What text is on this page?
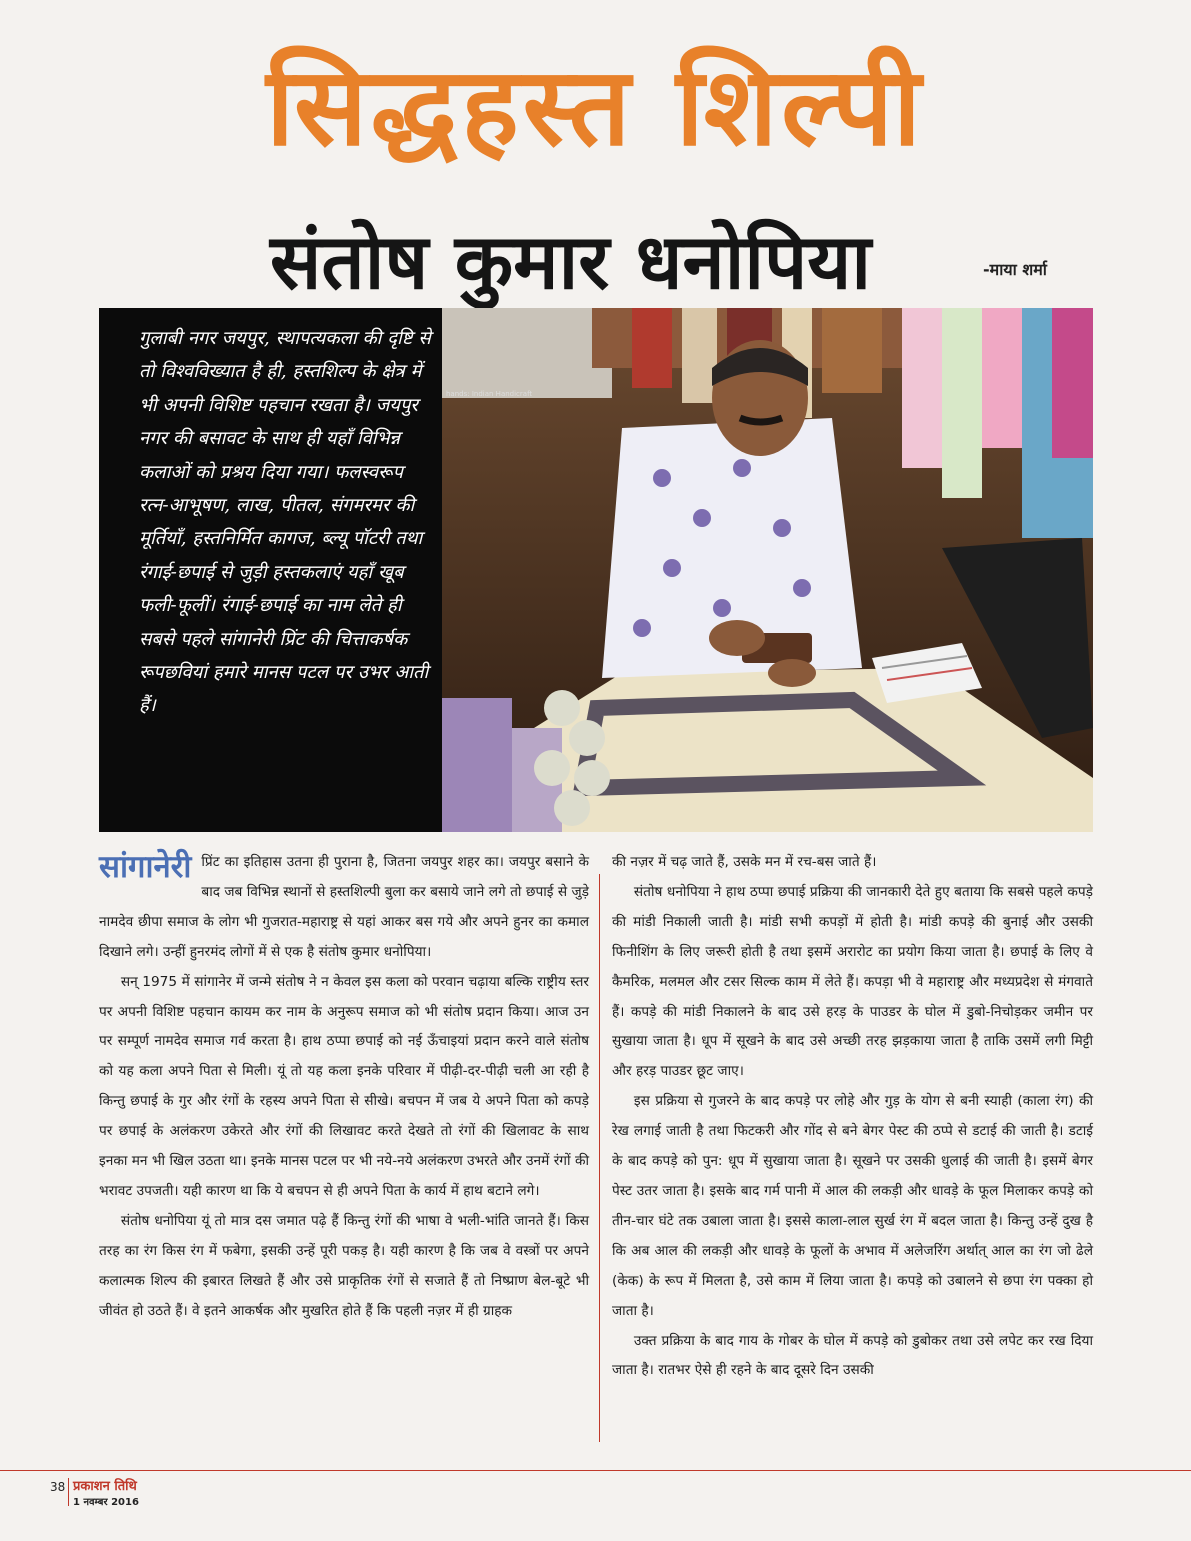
सिद्धहस्त शिल्पी
संतोष कुमार धनोपिया	-माया शर्मा
गुलाबी नगर जयपुर, स्थापत्यकला की दृष्टि से तो विश्वविख्यात है ही, हस्तशिल्प के क्षेत्र में भी अपनी विशिष्ट पहचान रखता है। जयपुर नगर की बसावट के साथ ही यहाँ विभिन्न कलाओं को प्रश्रय दिया गया। फलस्वरूप रत्न-आभूषण, लाख, पीतल, संगमरमर की मूर्तियाँ, हस्तनिर्मित कागज, ब्ल्यू पॉटरी तथा रंगाई-छपाई से जुड़ी हस्तकलाएं यहाँ खूब फली-फूलीं। रंगाई-छपाई का नाम लेते ही सबसे पहले सांगानेरी प्रिंट की चित्ताकर्षक रूपछवियां हमारे मानस पटल पर उभर आती हैं।
hands: Indian Handicraft

सांगानेरी प्रिंट का इतिहास उतना ही पुराना है, जितना जयपुर शहर का। जयपुर बसाने के बाद जब विभिन्न स्थानों से हस्तशिल्पी बुला कर बसाये जाने लगे तो छपाई से जुड़े नामदेव छीपा समाज के लोग भी गुजरात-महाराष्ट्र से यहां आकर बस गये और अपने हुनर का कमाल दिखाने लगे। उन्हीं हुनरमंद लोगों में से एक है संतोष कुमार धनोपिया।

सन् 1975 में सांगानेर में जन्मे संतोष ने न केवल इस कला को परवान चढ़ाया बल्कि राष्ट्रीय स्तर पर अपनी विशिष्ट पहचान कायम कर नाम के अनुरूप समाज को भी संतोष प्रदान किया। आज उन पर सम्पूर्ण नामदेव समाज गर्व करता है। हाथ ठप्पा छपाई को नई ऊँचाइयां प्रदान करने वाले संतोष को यह कला अपने पिता से मिली। यूं तो यह कला इनके परिवार में पीढ़ी-दर-पीढ़ी चली आ रही है किन्तु छपाई के गुर और रंगों के रहस्य अपने पिता से सीखे। बचपन में जब ये अपने पिता को कपड़े पर छपाई के अलंकरण उकेरते और रंगों की लिखावट करते देखते तो रंगों की खिलावट के साथ इनका मन भी खिल उठता था। इनके मानस पटल पर भी नये-नये अलंकरण उभरते और उनमें रंगों की भरावट उपजती। यही कारण था कि ये बचपन से ही अपने पिता के कार्य में हाथ बटाने लगे।

संतोष धनोपिया यूं तो मात्र दस जमात पढ़े हैं किन्तु रंगों की भाषा वे भली-भांति जानते हैं। किस तरह का रंग किस रंग में फबेगा, इसकी उन्हें पूरी पकड़ है। यही कारण है कि जब वे वस्त्रों पर अपने कलात्मक शिल्प की इबारत लिखते हैं और उसे प्राकृतिक रंगों से सजाते हैं तो निष्प्राण बेल-बूटे भी जीवंत हो उठते हैं। वे इतने आकर्षक और मुखरित होते हैं कि पहली नज़र में ही ग्राहक

की नज़र में चढ़ जाते हैं, उसके मन में रच-बस जाते हैं।

संतोष धनोपिया ने हाथ ठप्पा छपाई प्रक्रिया की जानकारी देते हुए बताया कि सबसे पहले कपड़े की मांडी निकाली जाती है। मांडी सभी कपड़ों में होती है। मांडी कपड़े की बुनाई और उसकी फिनीशिंग के लिए जरूरी होती है तथा इसमें अरारोट का प्रयोग किया जाता है। छपाई के लिए वे कैमरिक, मलमल और टसर सिल्क काम में लेते हैं। कपड़ा भी वे महाराष्ट्र और मध्यप्रदेश से मंगवाते हैं। कपड़े की मांडी निकालने के बाद उसे हरड़ के पाउडर के घोल में डुबो-निचोड़कर जमीन पर सुखाया जाता है। धूप में सूखने के बाद उसे अच्छी तरह झड़काया जाता है ताकि उसमें लगी मिट्टी और हरड़ पाउडर छूट जाए।

इस प्रक्रिया से गुजरने के बाद कपड़े पर लोहे और गुड़ के योग से बनी स्याही (काला रंग) की रेख लगाई जाती है तथा फिटकरी और गोंद से बने बेगर पेस्ट की ठप्पे से डटाई की जाती है। डटाई के बाद कपड़े को पुन: धूप में सुखाया जाता है। सूखने पर उसकी धुलाई की जाती है। इसमें बेगर पेस्ट उतर जाता है। इसके बाद गर्म पानी में आल की लकड़ी और धावड़े के फूल मिलाकर कपड़े को तीन-चार घंटे तक उबाला जाता है। इससे काला-लाल सुर्ख रंग में बदल जाता है। किन्तु उन्हें दुख है कि अब आल की लकड़ी और धावड़े के फूलों के अभाव में अलेजरिंग अर्थात् आल का रंग जो ढेले (केक) के रूप में मिलता है, उसे काम में लिया जाता है। कपड़े को उबालने से छपा रंग पक्का हो जाता है।

उक्त प्रक्रिया के बाद गाय के गोबर के घोल में कपड़े को डुबोकर तथा उसे लपेट कर रख दिया जाता है। रातभर ऐसे ही रहने के बाद दूसरे दिन उसकी

38 प्रकाशन तिथि
1 नवम्बर 2016
